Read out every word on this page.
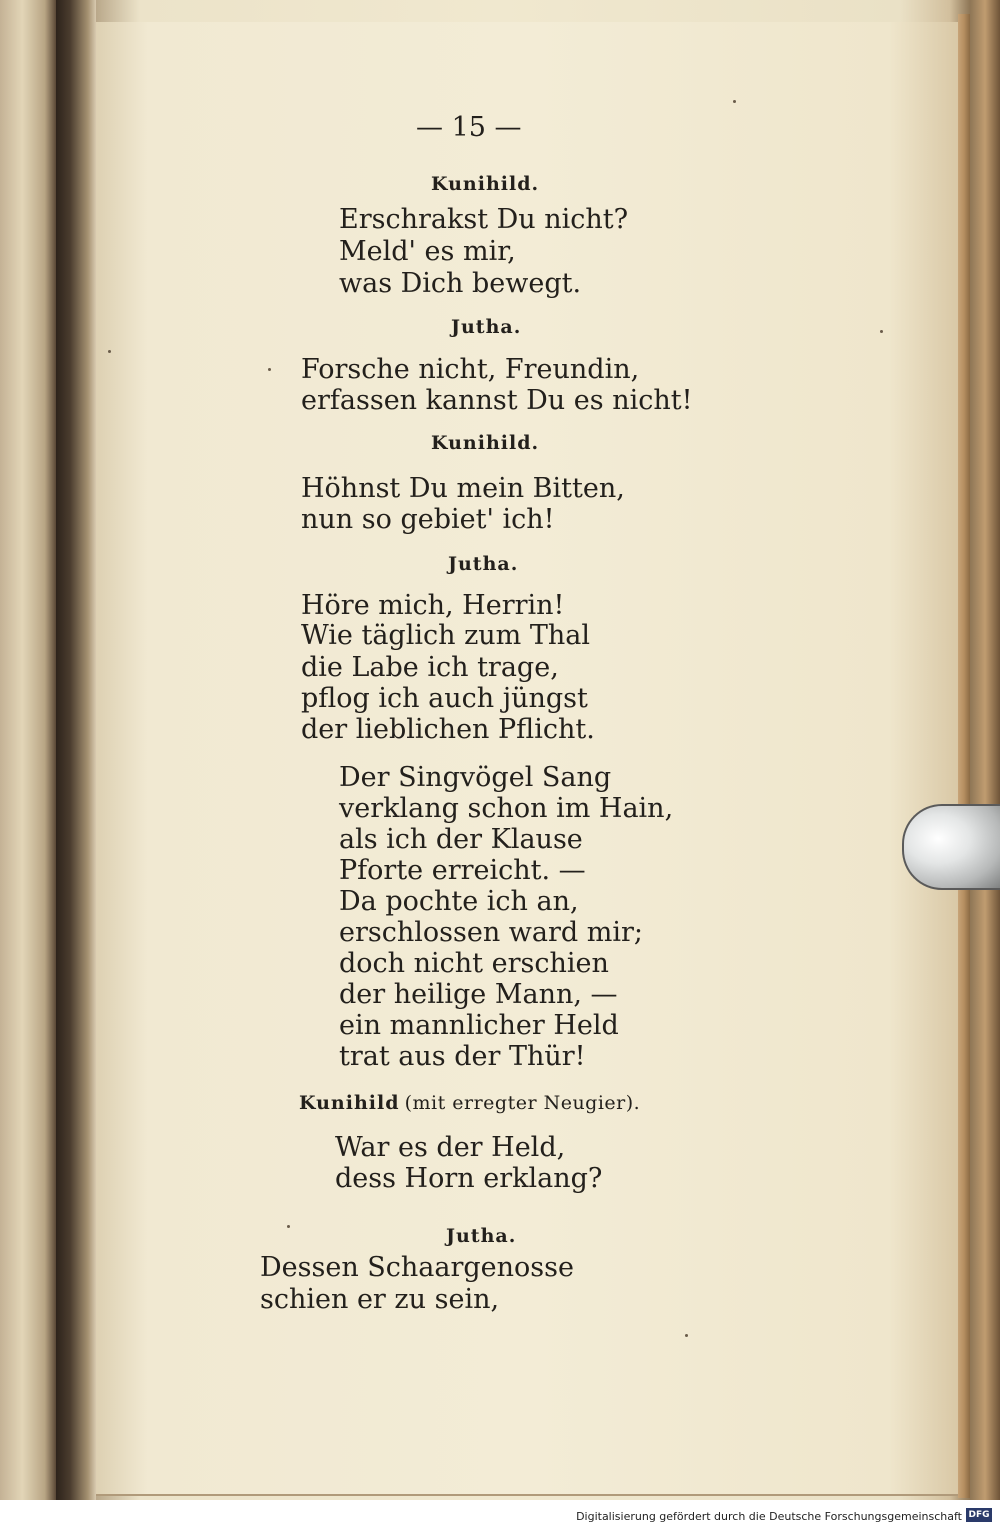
— 15 —
Kunihild.
Erschrakst Du nicht?
Meld' es mir,
was Dich bewegt.
Jutha.
Forsche nicht, Freundin,
erfassen kannst Du es nicht!
Kunihild.
Höhnst Du mein Bitten,
nun so gebiet' ich!
Jutha.
Höre mich, Herrin!
Wie täglich zum Thal
die Labe ich trage,
pflog ich auch jüngst
der lieblichen Pflicht.
Der Singvögel Sang
verklang schon im Hain,
als ich der Klause
Pforte erreicht. —
Da pochte ich an,
erschlossen ward mir;
doch nicht erschien
der heilige Mann, —
ein mannlicher Held
trat aus der Thür!
Kunihild (mit erregter Neugier).
War es der Held,
dess Horn erklang?
Jutha.
Dessen Schaargenosse
schien er zu sein,
Digitalisierung gefördert durch die Deutsche Forschungsgemeinschaft DFG
